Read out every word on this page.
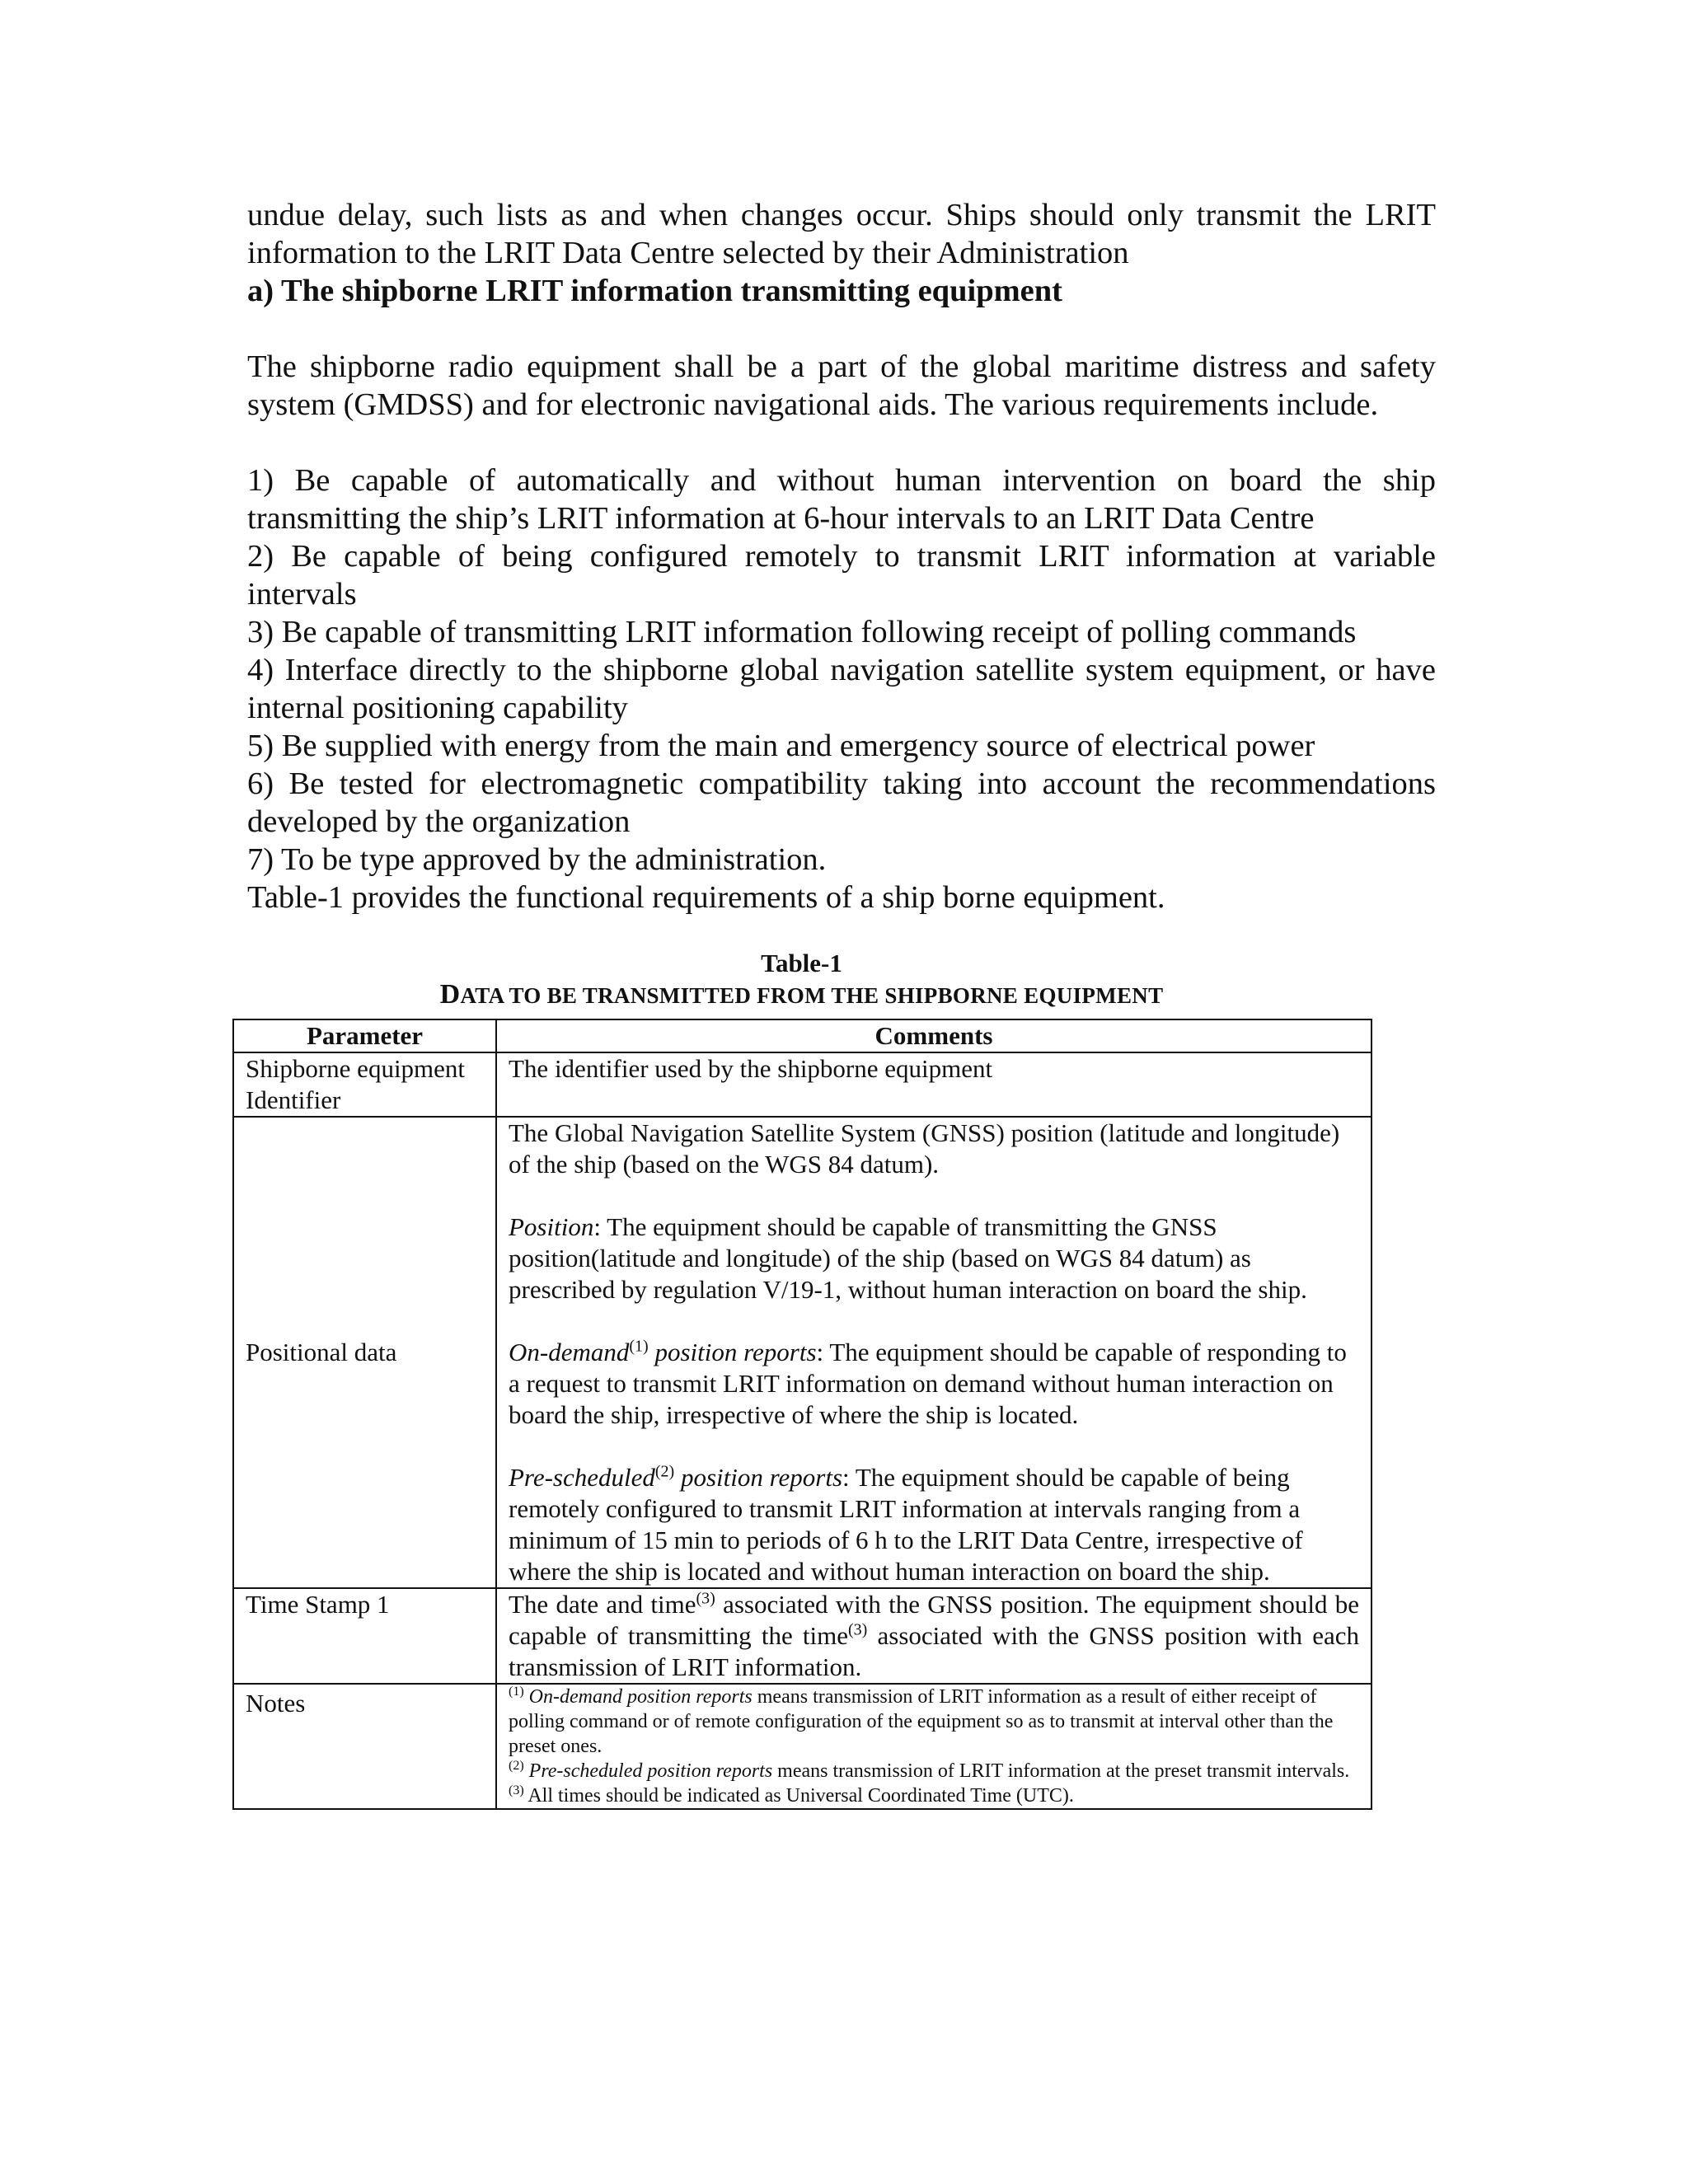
undue delay, such lists as and when changes occur. Ships should only transmit the LRIT

information to the LRIT Data Centre selected by their Administration

a) The shipborne LRIT information transmitting equipment

The shipborne radio equipment shall be a part of the global maritime distress and safety system (GMDSS) and for electronic navigational aids. The various requirements include.

1) Be capable of automatically and without human intervention on board the ship transmitting the ship’s LRIT information at 6-hour intervals to an LRIT Data Centre

2) Be capable of being configured remotely to transmit LRIT information at variable intervals

3) Be capable of transmitting LRIT information following receipt of polling commands

4) Interface directly to the shipborne global navigation satellite system equipment, or have internal positioning capability

5) Be supplied with energy from the main and emergency source of electrical power

6) Be tested for electromagnetic compatibility taking into account the recommendations developed by the organization

7) To be type approved by the administration.

Table-1 provides the functional requirements of a ship borne equipment.

Table-1
DATA TO BE TRANSMITTED FROM THE SHIPBORNE EQUIPMENT
Parameter	Comments
Shipborne equipment Identifier	The identifier used by the shipborne equipment
Positional data	The Global Navigation Satellite System (GNSS) position (latitude and longitude) of the ship (based on the WGS 84 datum).

Position: The equipment should be capable of transmitting the GNSS position(latitude and longitude) of the ship (based on WGS 84 datum) as prescribed by regulation V/19-1, without human interaction on board the ship.

On-demand$^{(1)}$ position reports: The equipment should be capable of responding to a request to transmit LRIT information on demand without human interaction on board the ship, irrespective of where the ship is located.

Pre-scheduled$^{(2)}$ position reports: The equipment should be capable of being remotely configured to transmit LRIT information at intervals ranging from a minimum of 15 min to periods of 6 h to the LRIT Data Centre, irrespective of where the ship is located and without human interaction on board the ship.

Time Stamp 1	The date and time$^{(3)}$ associated with the GNSS position. The equipment should be capable of transmitting the time$^{(3)}$ associated with the GNSS position with each transmission of LRIT information.
Notes	$^{(1)}$ On-demand position reports means transmission of LRIT information as a result of either receipt of polling command or of remote configuration of the equipment so as to transmit at interval other than the preset ones.
$^{(2)}$ Pre-scheduled position reports means transmission of LRIT information at the preset transmit intervals.
$^{(3)}$ All times should be indicated as Universal Coordinated Time (UTC).
